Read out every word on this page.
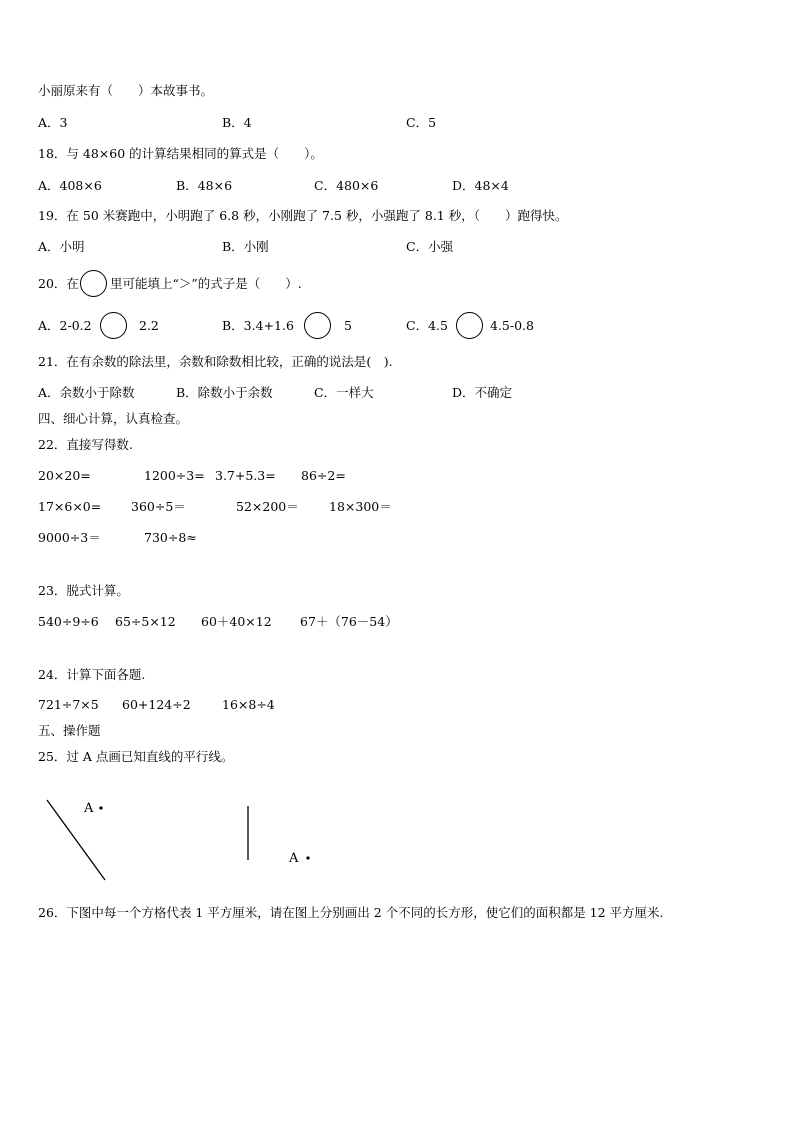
小丽原来有（　　）本故事书。
A．3	B．4	C．5
18．与 48×60 的计算结果相同的算式是（　　）。
A．408×6	B．48×6	C．480×6	D．48×4
19．在 50 米赛跑中，小明跑了 6.8 秒，小刚跑了 7.5 秒，小强跑了 8.1 秒，（　　）跑得快。
A．小明	B．小刚	C．小强
20．在 里可能填上“＞”的式子是（　　）.
A．2-0.2	2.2	B．3.4+1.6	5	C．4.5	4.5-0.8
21．在有余数的除法里，余数和除数相比较，正确的说法是(　).
A．余数小于除数	B．除数小于余数	C．一样大	D．不确定
四、细心计算，认真检查。
22．直接写得数.
20×20=	1200÷3= 3.7+5.3= 86÷2=
17×6×0= 360÷5＝	52×200＝ 18×300＝
9000÷3＝	730÷8≈
23．脱式计算。
540÷9÷6 65÷5×12 60＋40×12 67＋（76－54）
24．计算下面各题.
721÷7×5 60+124÷2	16×8÷4
五、操作题
25．过 A 点画已知直线的平行线。
A
A
26．下图中每一个方格代表 1 平方厘米，请在图上分别画出 2 个不同的长方形，使它们的面积都是 12 平方厘米.
